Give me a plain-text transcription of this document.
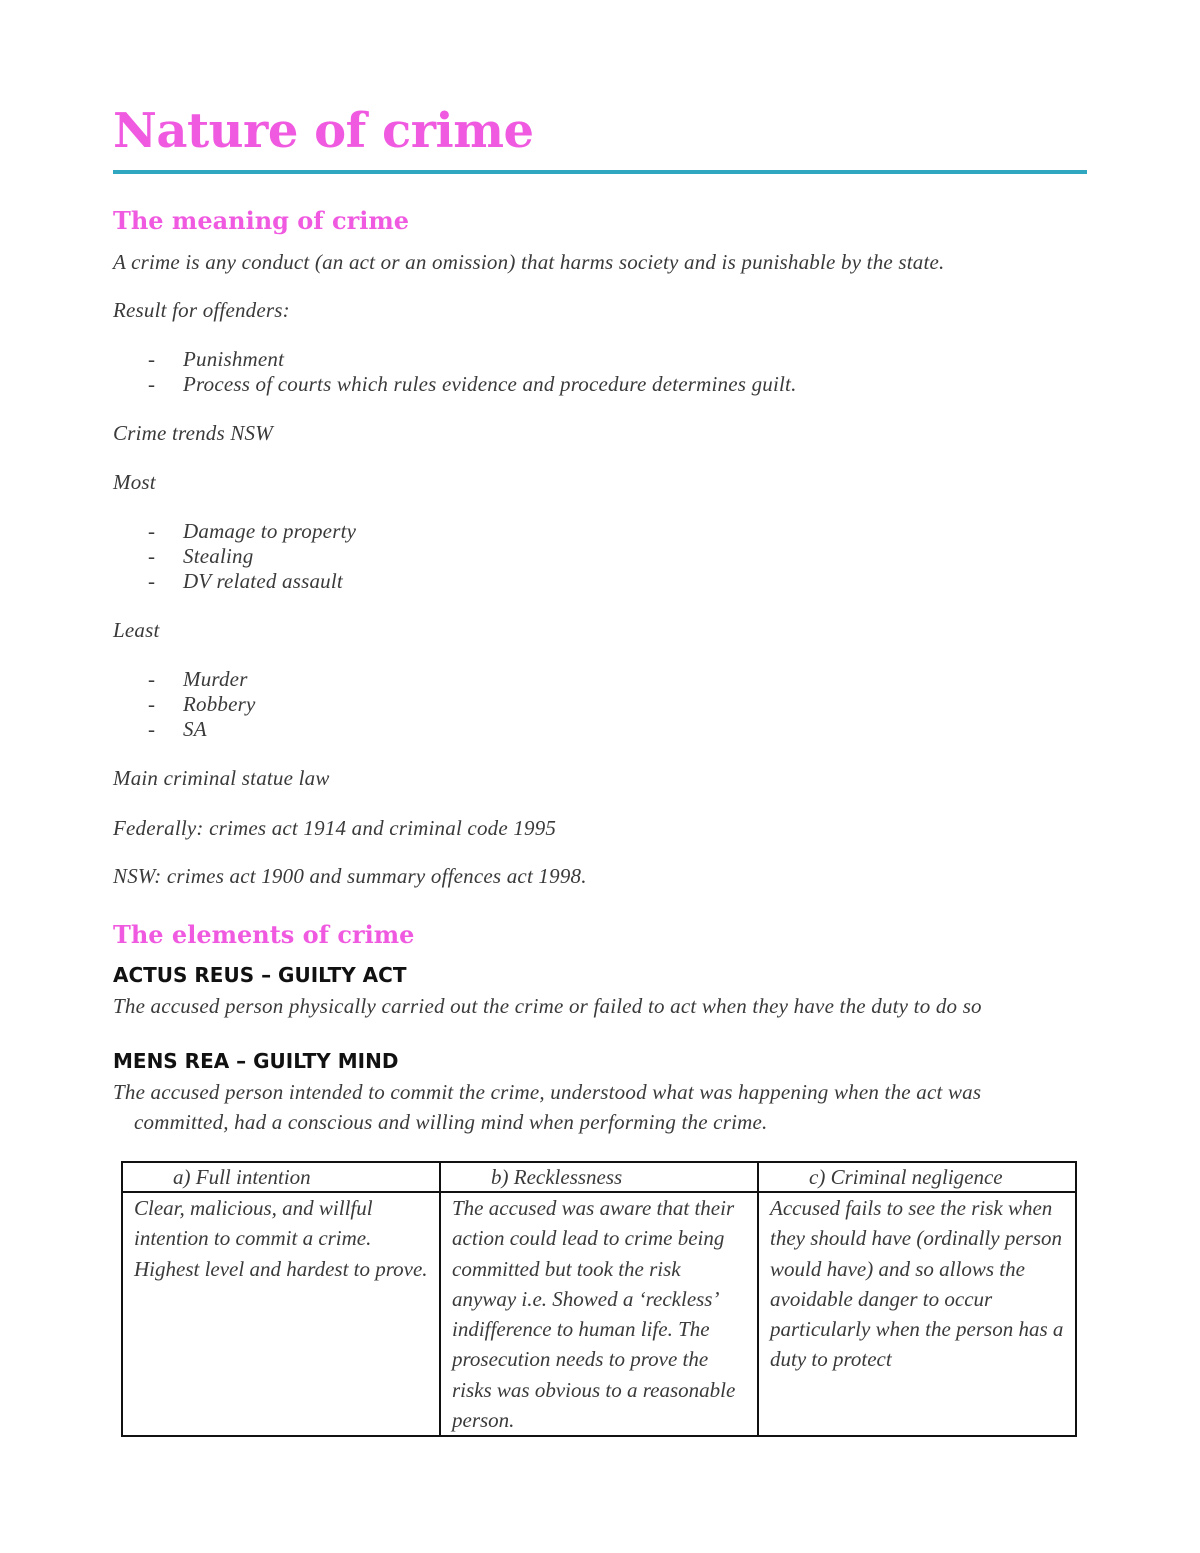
Nature of crime
The meaning of crime
A crime is any conduct (an act or an omission) that harms society and is punishable by the state.
Result for offenders:
- Punishment
- Process of courts which rules evidence and procedure determines guilt.
Crime trends NSW
Most
- Damage to property
- Stealing
- DV related assault
Least
- Murder
- Robbery
- SA
Main criminal statue law
Federally: crimes act 1914 and criminal code 1995
NSW: crimes act 1900 and summary offences act 1998.
The elements of crime
ACTUS REUS – GUILTY ACT
The accused person physically carried out the crime or failed to act when they have the duty to do so
MENS REA – GUILTY MIND
The accused person intended to commit the crime, understood what was happening when the act was
committed, had a conscious and willing mind when performing the crime.
a) Full intention	b) Recklessness	c) Criminal negligence

Clear, malicious, and willful intention to commit a crime. Highest level and hardest to prove.	The accused was aware that their action could lead to crime being committed but took the risk anyway i.e. Showed a ‘reckless’ indifference to human life. The prosecution needs to prove the risks was obvious to a reasonable person.	Accused fails to see the risk when they should have (ordinally person would have) and so allows the avoidable danger to occur particularly when the person has a duty to protect
